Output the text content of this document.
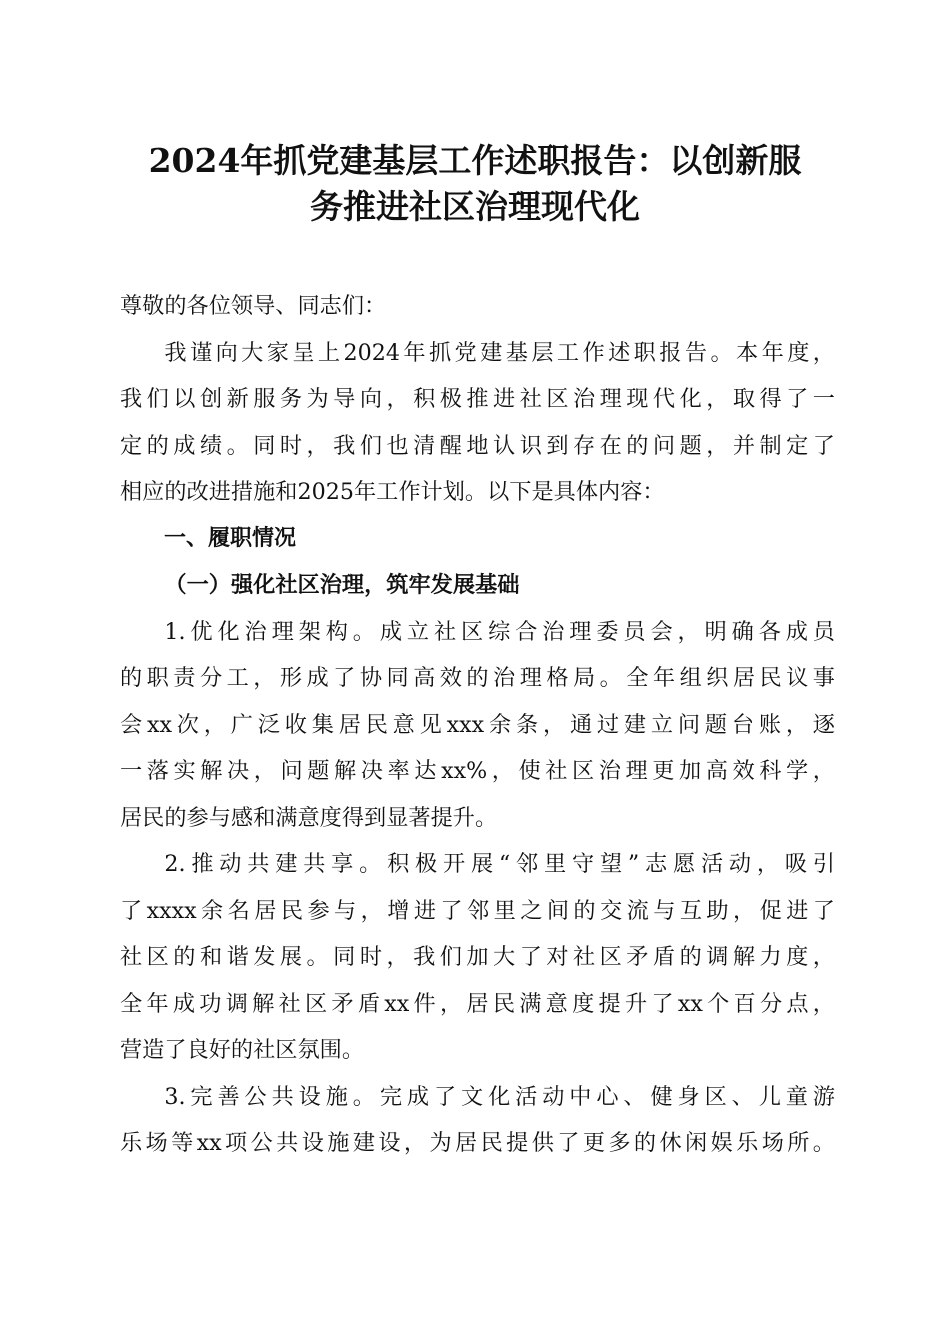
2024年抓党建基层工作述职报告：以创新服
务推进社区治理现代化

尊敬的各位领导、同志们：

我谨向大家呈上2024年抓党建基层工作述职报告。本年度，
我们以创新服务为导向，积极推进社区治理现代化，取得了一
定的成绩。同时，我们也清醒地认识到存在的问题，并制定了
相应的改进措施和2025年工作计划。以下是具体内容：

一、履职情况

（一）强化社区治理，筑牢发展基础

1.优化治理架构。成立社区综合治理委员会，明确各成员
的职责分工，形成了协同高效的治理格局。全年组织居民议事
会xx次，广泛收集居民意见xxx余条，通过建立问题台账，逐
一落实解决，问题解决率达xx%，使社区治理更加高效科学，
居民的参与感和满意度得到显著提升。

2.推动共建共享。积极开展“邻里守望”志愿活动，吸引
了xxxx余名居民参与，增进了邻里之间的交流与互助，促进了
社区的和谐发展。同时，我们加大了对社区矛盾的调解力度，
全年成功调解社区矛盾xx件，居民满意度提升了xx个百分点，
营造了良好的社区氛围。

3.完善公共设施。完成了文化活动中心、健身区、儿童游
乐场等xx项公共设施建设，为居民提供了更多的休闲娱乐场所。
